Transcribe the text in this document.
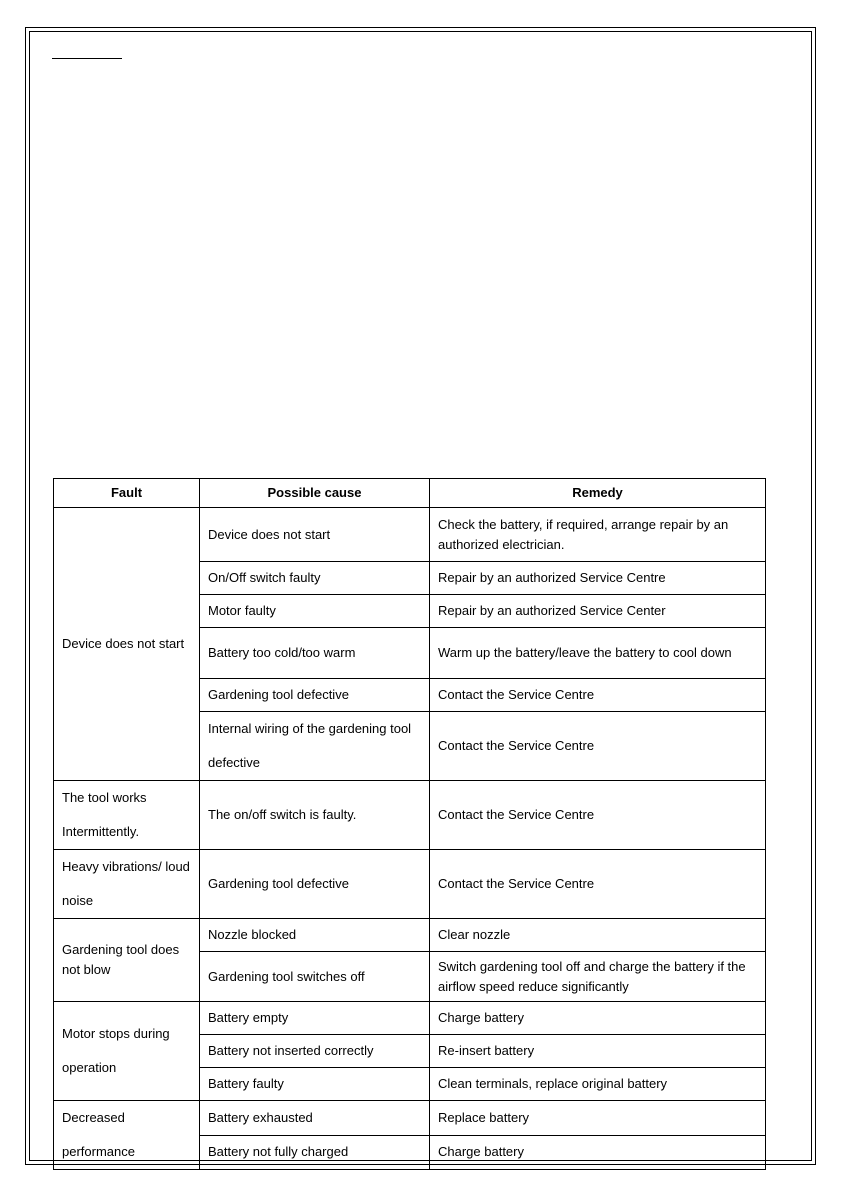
Fault	Possible cause	Remedy
Device does not start	Device does not start	Check the battery, if required, arrange repair by an authorized electrician.
	On/Off switch faulty	Repair by an authorized Service Centre
	Motor faulty	Repair by an authorized Service Center
	Battery too cold/too warm	Warm up the battery/leave the battery to cool down
	Gardening tool defective	Contact the Service Centre
	Internal wiring of the gardening tool defective	Contact the Service Centre
The tool works Intermittently.	The on/off switch is faulty.	Contact the Service Centre
Heavy vibrations/ loud noise	Gardening tool defective	Contact the Service Centre
Gardening tool does not blow	Nozzle blocked	Clear nozzle
	Gardening tool switches off	Switch gardening tool off and charge the battery if the airflow speed reduce significantly
Motor stops during operation	Battery empty	Charge battery
	Battery not inserted correctly	Re-insert battery
	Battery faulty	Clean terminals, replace original battery
Decreased performance	Battery exhausted	Replace battery
	Battery not fully charged	Charge battery
